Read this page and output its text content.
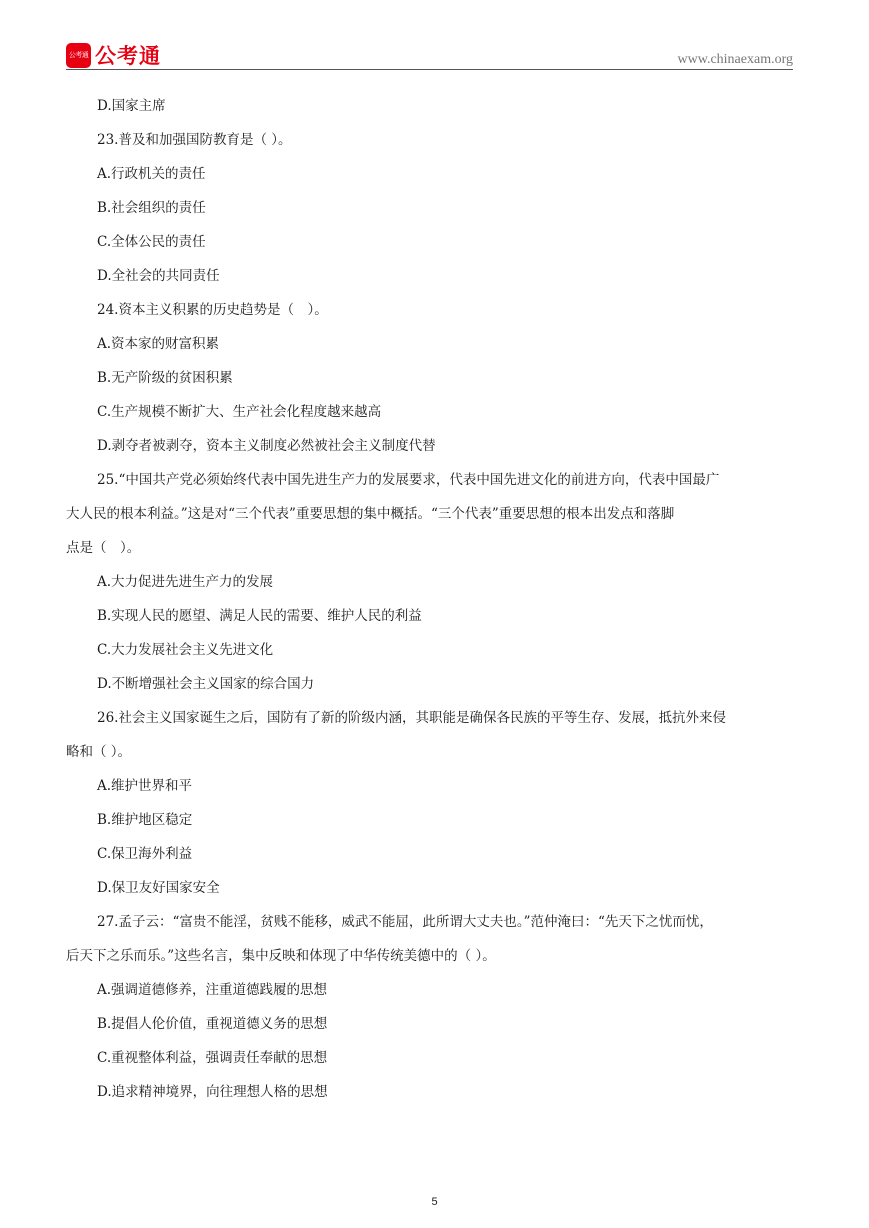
公考通 公考通	www.chinaexam.org
D.国家主席
23.普及和加强国防教育是（ ）。
A.行政机关的责任
B.社会组织的责任
C.全体公民的责任
D.全社会的共同责任
24.资本主义积累的历史趋势是（　）。
A.资本家的财富积累
B.无产阶级的贫困积累
C.生产规模不断扩大、生产社会化程度越来越高
D.剥夺者被剥夺，资本主义制度必然被社会主义制度代替
25.“中国共产党必须始终代表中国先进生产力的发展要求，代表中国先进文化的前进方向，代表中国最广
大人民的根本利益。”这是对“三个代表”重要思想的集中概括。“三个代表”重要思想的根本出发点和落脚
点是（　）。
A.大力促进先进生产力的发展
B.实现人民的愿望、满足人民的需要、维护人民的利益
C.大力发展社会主义先进文化
D.不断增强社会主义国家的综合国力
26.社会主义国家诞生之后，国防有了新的阶级内涵，其职能是确保各民族的平等生存、发展，抵抗外来侵
略和（ ）。
A.维护世界和平
B.维护地区稳定
C.保卫海外利益
D.保卫友好国家安全
27.孟子云：“富贵不能淫，贫贱不能移，威武不能屈，此所谓大丈夫也。”范仲淹曰：“先天下之忧而忧，
后天下之乐而乐。”这些名言，集中反映和体现了中华传统美德中的（ ）。
A.强调道德修养，注重道德践履的思想
B.提倡人伦价值，重视道德义务的思想
C.重视整体利益，强调责任奉献的思想
D.追求精神境界，向往理想人格的思想
5
